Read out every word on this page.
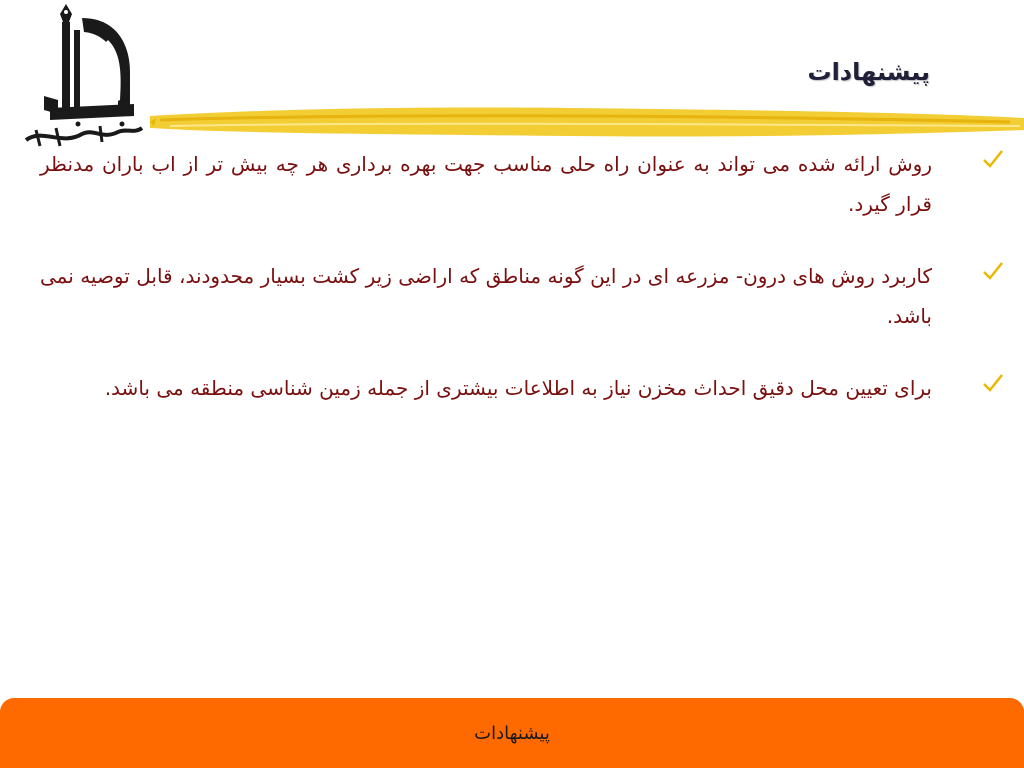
پیشنهادات
روش ارائه شده می تواند به عنوان راه حلی مناسب جهت بهره برداری هر چه بیش تر از اب باران مدنظر قرار گیرد.
کاربرد روش های درون- مزرعه ای در این گونه مناطق که اراضی زیر کشت بسیار محدودند، قابل توصیه نمی باشد.
برای تعیین محل دقیق احداث مخزن نیاز به اطلاعات بیشتری از جمله زمین شناسی منطقه می باشد.
پیشنهادات
